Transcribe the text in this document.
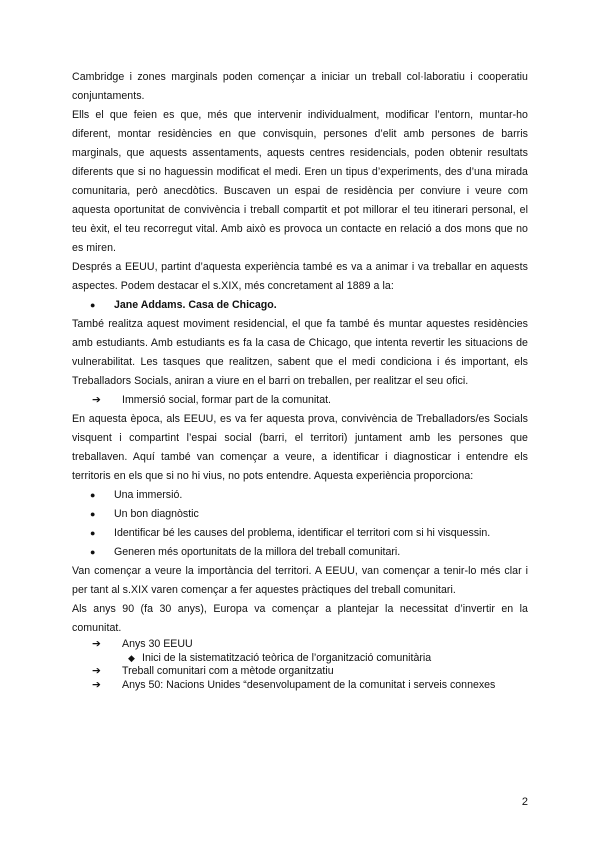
Cambridge i zones marginals poden començar a iniciar un treball col·laboratiu i cooperatiu conjuntaments.

Ells el que feien es que, més que intervenir individualment, modificar l’entorn, muntar-ho diferent, montar residències en que convisquin, persones d’elit amb persones de barris marginals, que aquests assentaments, aquests centres residencials, poden obtenir resultats diferents que si no haguessin modificat el medi. Eren un tipus d’experiments, des d’una mirada comunitaria, però anecdòtics. Buscaven un espai de residència per conviure i veure com aquesta oportunitat de convivència i treball compartit et pot millorar el teu itinerari personal, el teu èxit, el teu recorregut vital. Amb això es provoca un contacte en relació a dos mons que no es miren.

Després a EEUU, partint d’aquesta experiència també es va a animar i va treballar en aquests aspectes. Podem destacar el s.XIX, més concretament al 1889 a la:

●	Jane Addams. Casa de Chicago.

També realitza aquest moviment residencial, el que fa també és muntar aquestes residències amb estudiants. Amb estudiants es fa la casa de Chicago, que intenta revertir les situacions de vulnerabilitat. Les tasques que realitzen, sabent que el medi condiciona i és important, els Treballadors Socials, aniran a viure en el barri on treballen, per realitzar el seu ofici.

➔	Immersió social, formar part de la comunitat.

En aquesta època, als EEUU, es va fer aquesta prova, convivència de Treballadors/es Socials visquent i compartint l’espai social (barri, el territori) juntament amb les persones que treballaven. Aquí també van començar a veure, a identificar i diagnosticar i entendre els territoris en els que si no hi vius, no pots entendre. Aquesta experiència proporciona:

●	Una immersió.
●	Un bon diagnòstic
●	Identificar bé les causes del problema, identificar el territori com si hi visquessin.
●	Generen més oportunitats de la millora del treball comunitari.

Van començar a veure la importància del territori. A EEUU, van començar a tenir-lo més clar i per tant al s.XIX varen començar a fer aquestes pràctiques del treball comunitari.

Als anys 90 (fa 30 anys), Europa va començar a plantejar la necessitat d’invertir en la comunitat.

➔	Anys 30 EEUU
◆ Inici de la sistematització teòrica de l’organització comunitària
➔	Treball comunitari com a mètode organitzatiu
➔	Anys 50: Nacions Unides “desenvolupament de la comunitat i serveis connexes
2
